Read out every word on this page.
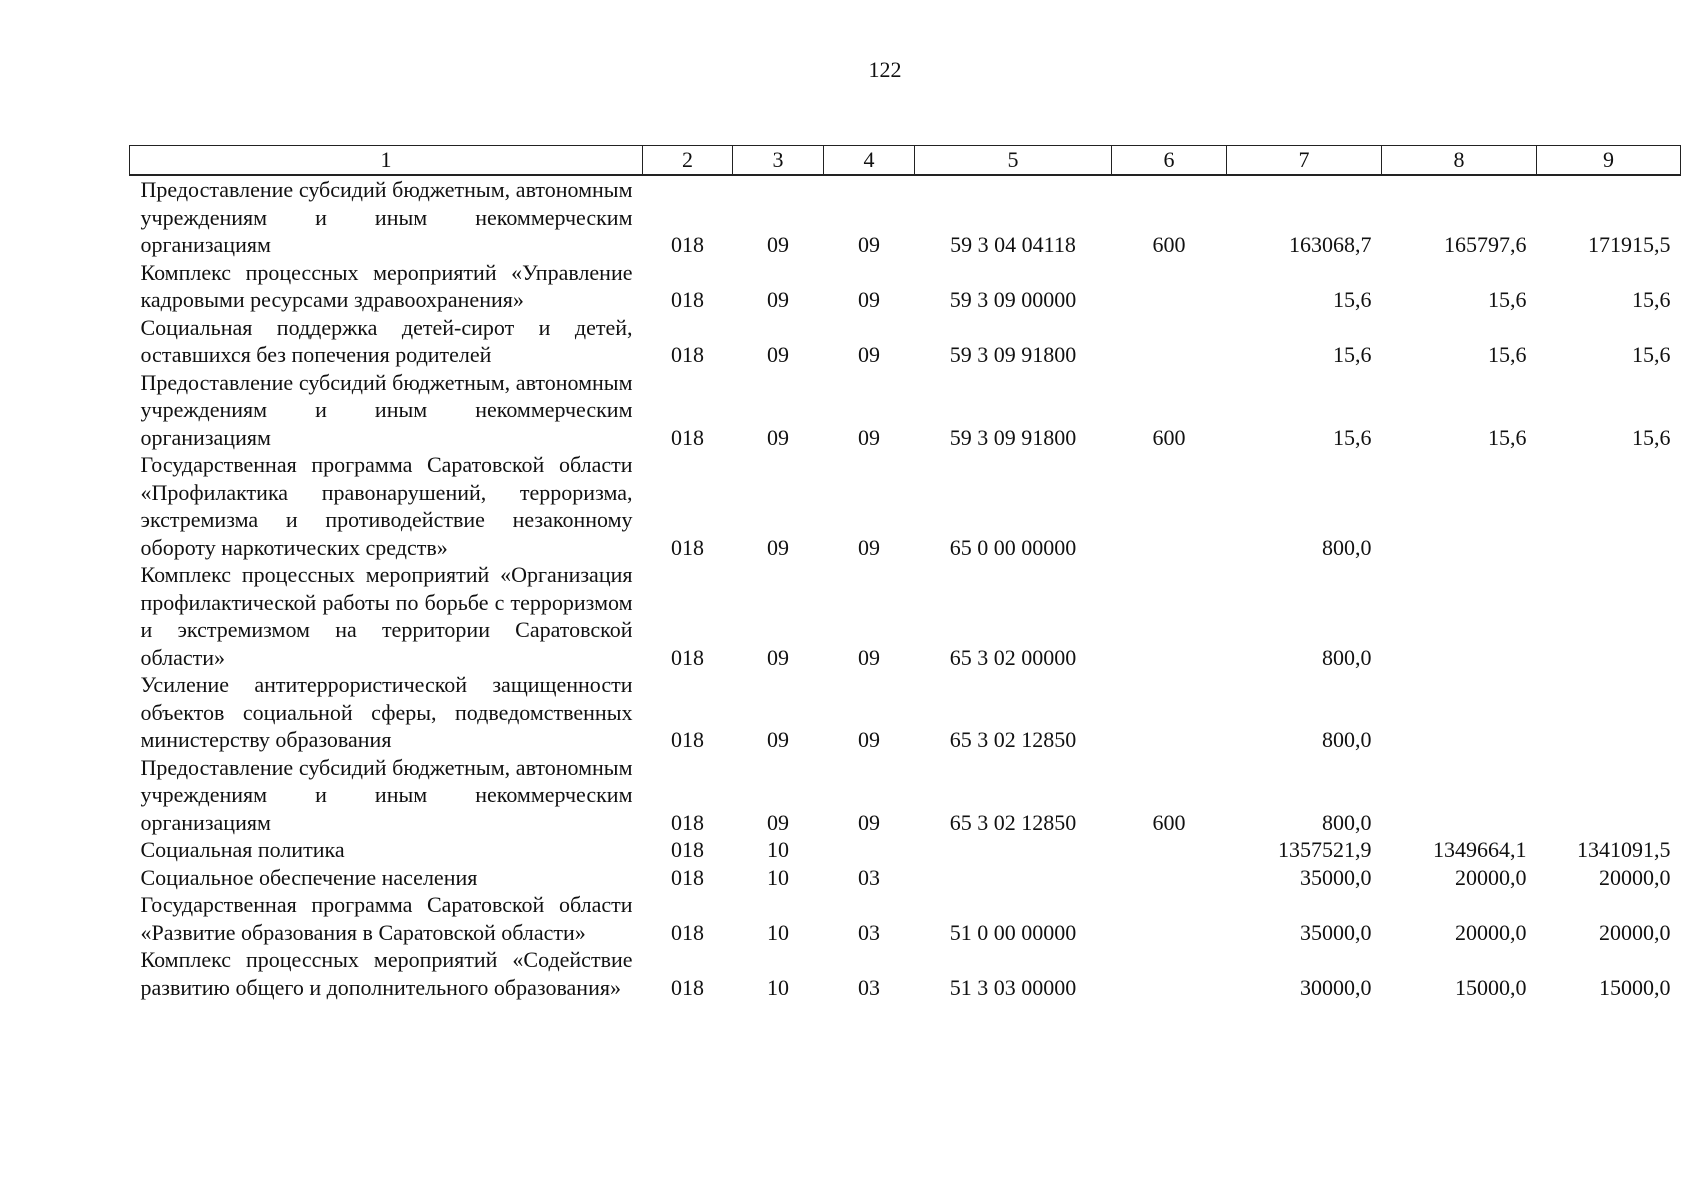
122
1	2	3	4	5	6	7	8	9
Предоставление субсидий бюджетным, автономным учреждениям и иным некоммерческим организациям	018	09	09	59 3 04 04118	600	163068,7	165797,6	171915,5
Комплекс процессных мероприятий «Управление кадровыми ресурсами здравоохранения»	018	09	09	59 3 09 00000		15,6	15,6	15,6
Социальная поддержка детей-сирот и детей, оставшихся без попечения родителей	018	09	09	59 3 09 91800		15,6	15,6	15,6
Предоставление субсидий бюджетным, автономным учреждениям и иным некоммерческим организациям	018	09	09	59 3 09 91800	600	15,6	15,6	15,6
Государственная программа Саратовской области «Профилактика правонарушений, терроризма, экстремизма и противодействие незаконному обороту наркотических средств»	018	09	09	65 0 00 00000		800,0		
Комплекс процессных мероприятий «Организация профилактической работы по борьбе с терроризмом и экстремизмом на территории Саратовской области»	018	09	09	65 3 02 00000		800,0		
Усиление антитеррористической защищенности объектов социальной сферы, подведомственных министерству образования	018	09	09	65 3 02 12850		800,0		
Предоставление субсидий бюджетным, автономным учреждениям и иным некоммерческим организациям	018	09	09	65 3 02 12850	600	800,0		
Социальная политика	018	10				1357521,9	1349664,1	1341091,5
Социальное обеспечение населения	018	10	03			35000,0	20000,0	20000,0
Государственная программа Саратовской области «Развитие образования в Саратовской области»	018	10	03	51 0 00 00000		35000,0	20000,0	20000,0
Комплекс процессных мероприятий «Содействие развитию общего и дополнительного образования»	018	10	03	51 3 03 00000		30000,0	15000,0	15000,0
